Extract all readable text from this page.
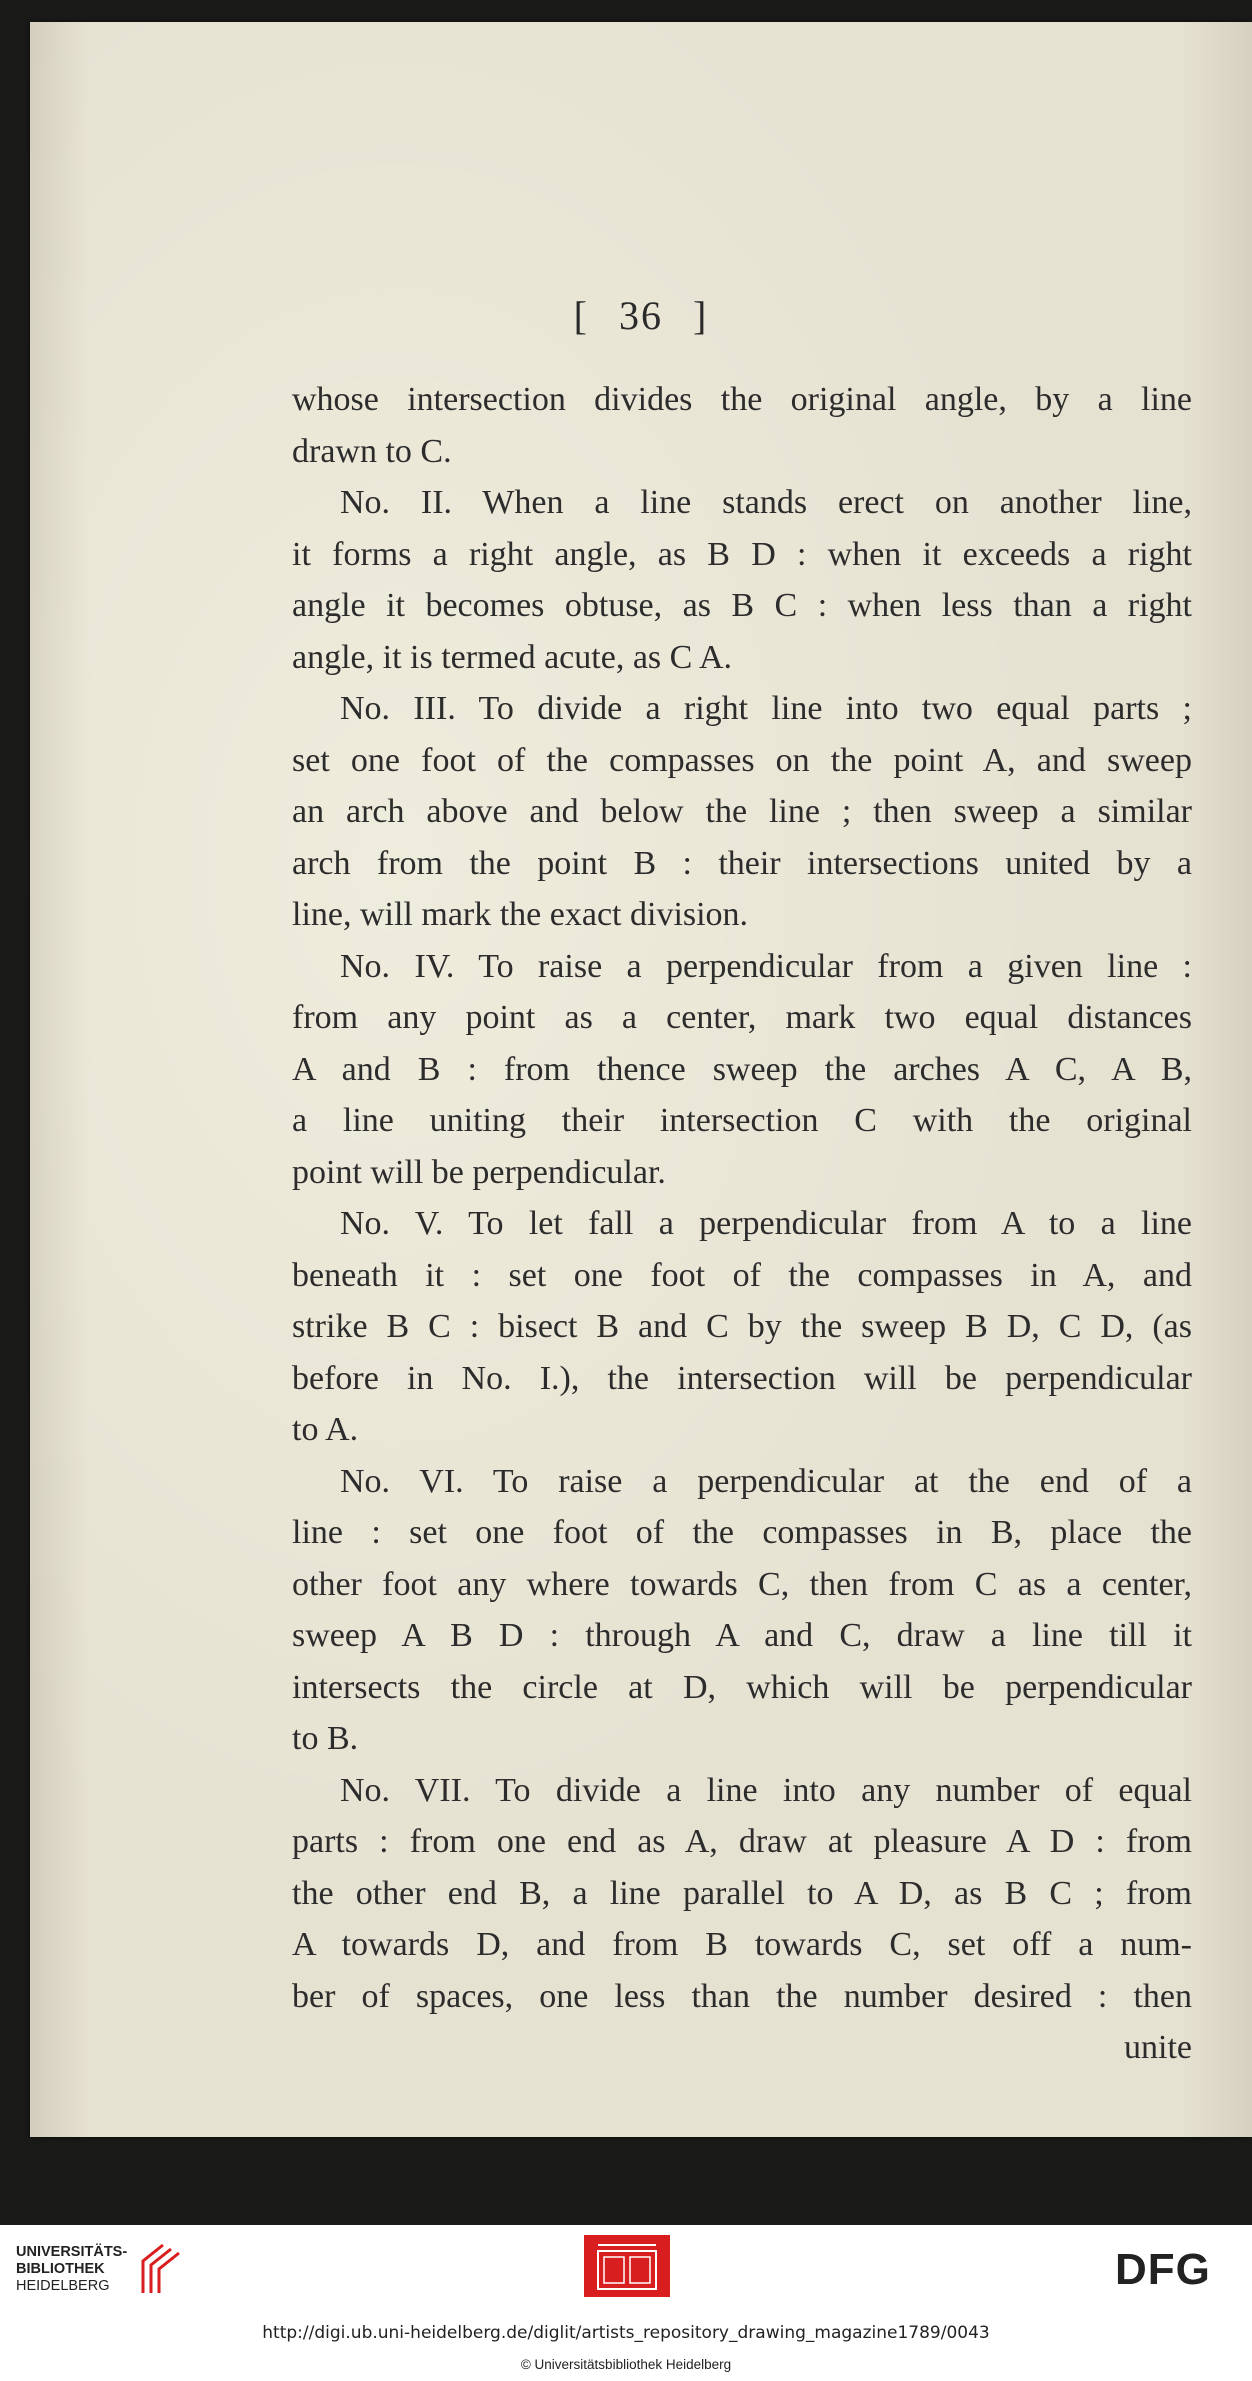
[ 36 ]
whose intersection divides the original angle, by a line
drawn to C.
No. II. When a line stands erect on another line,
it forms a right angle, as B D : when it exceeds a right
angle it becomes obtuse, as B C : when less than a right
angle, it is termed acute, as C A.
No. III. To divide a right line into two equal parts ;
set one foot of the compasses on the point A, and sweep
an arch above and below the line ; then sweep a similar
arch from the point B : their intersections united by a
line, will mark the exact division.
No. IV. To raise a perpendicular from a given line :
from any point as a center, mark two equal distances
A and B : from thence sweep the arches A C, A B,
a line uniting their intersection C with the original
point will be perpendicular.
No. V. To let fall a perpendicular from A to a line
beneath it : set one foot of the compasses in A, and
strike B C : bisect B and C by the sweep B D, C D, (as
before in No. I.), the intersection will be perpendicular
to A.
No. VI. To raise a perpendicular at the end of a
line : set one foot of the compasses in B, place the
other foot any where towards C, then from C as a center,
sweep A B D : through A and C, draw a line till it
intersects the circle at D, which will be perpendicular
to B.
No. VII. To divide a line into any number of equal
parts : from one end as A, draw at pleasure A D : from
the other end B, a line parallel to A D, as B C ; from
A towards D, and from B towards C, set off a num-
ber of spaces, one less than the number desired : then
unite
UNIVERSITÄTS-
BIBLIOTHEK
HEIDELBERG	DFG
http://digi.ub.uni-heidelberg.de/diglit/artists_repository_drawing_magazine1789/0043
© Universitätsbibliothek Heidelberg
